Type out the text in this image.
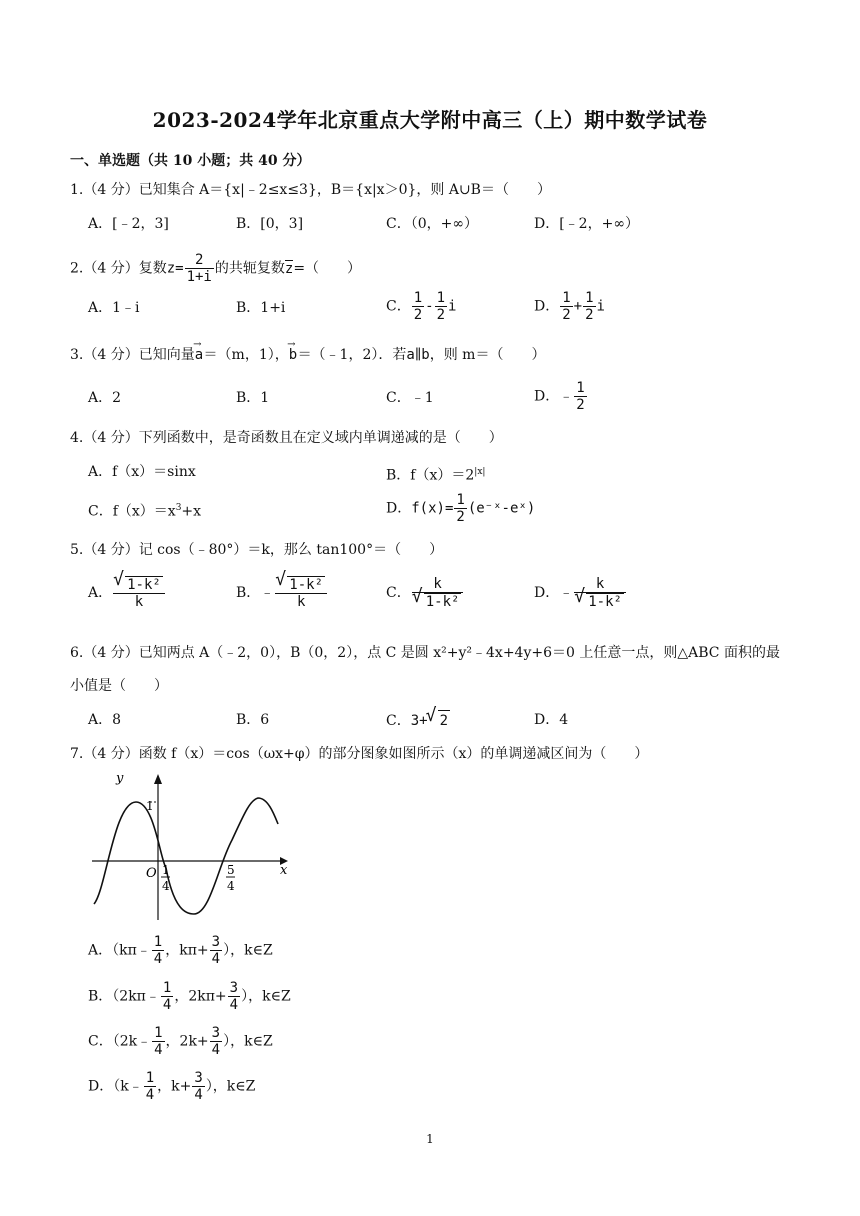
2023-2024学年北京重点大学附中高三（上）期中数学试卷
一、单选题（共 10 小题；共 40 分）
1.（4 分）已知集合 A＝{x|﹣2≤x≤3}，B＝{x|x＞0}，则 A∪B＝（　　）
A．[﹣2，3]	B．[0，3]	C．（0，+∞）	D．[﹣2，+∞）
2.（4 分）复数$z= \frac{2}{1+i}$ 的共轭复数z=（　　）
A．1﹣i	B．1+i	C． $\frac{1}{2} - \frac{1}{2}$ i	D． $\frac{1}{2} + \frac{1}{2}$ i
3.（4 分）已知向量a→＝（m，1），b→＝（﹣1，2）．若a∥b，则 m＝（　　）
A．2	B．1	C．﹣1	D．﹣ $\frac{1}{2}$
4.（4 分）下列函数中，是奇函数且在定义域内单调递减的是（　　）
A．f（x）＝sinx	B．$f(x)=2^{|x|}$
C．$f(x)=x^3+x$	D．$f(x)= \frac{1}{2}$ (e⁻ˣ-eˣ)
5.（4 分）记 cos（﹣80°）＝k，那么 tan100°＝（　　）
A． √ $\frac{\text{1-k²}}{k}$	B．﹣ √ $\frac{\text{1-k²}}{k}$	C． k
√ 1-k²	D．﹣ k
√ 1-k²
6.（4 分）已知两点 A（﹣2，0），B（0，2），点 C 是圆 x²+y²﹣4x+4y+6＝0 上任意一点，则△ABC 面积的最
小值是（　　）
A．8	B．6	C．3+ √ 2	D．4
7.（4 分）函数 f（x）＝cos（ωx+φ）的部分图象如图所示（x）的单调递减区间为（　　）
y
x
O
1
1
4
5
4
A．（kπ﹣ $\frac{1}{4}$ ，$k\pi+ \frac{3}{4}$ ），k∈Z
B．（2kπ﹣ $\frac{1}{4}$ ，$2k\pi+ \frac{3}{4}$ ），k∈Z
C．（2k﹣ $\frac{1}{4}$ ，$2k+ \frac{3}{4}$ ），k∈Z
D．（k﹣ $\frac{1}{4}$ ，$k+ \frac{3}{4}$ ），k∈Z
1
